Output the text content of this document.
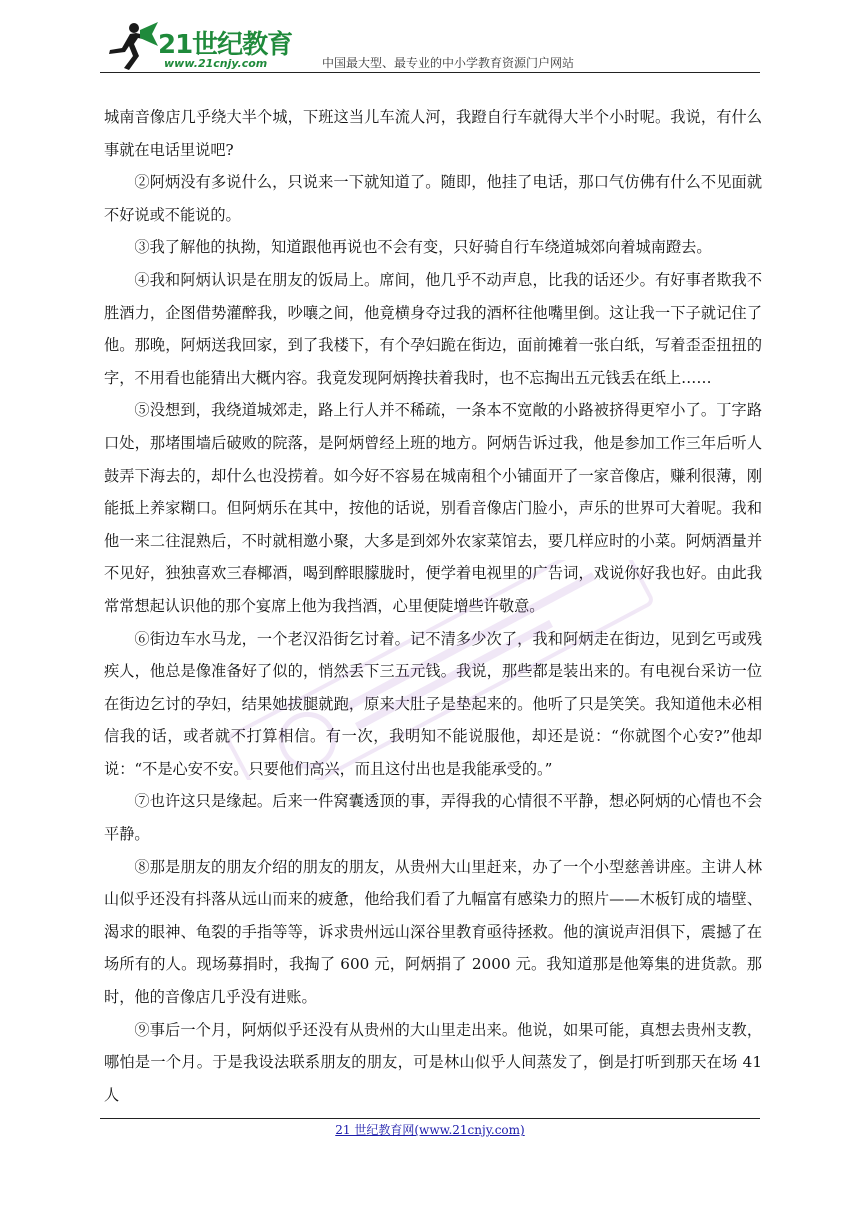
21世纪教育
www.21cnjy.com	中国最大型、最专业的中小学教育资源门户网站

城南音像店几乎绕大半个城，下班这当儿车流人河，我蹬自行车就得大半个小时呢。我说，有什么事就在电话里说吧?

②阿炳没有多说什么，只说来一下就知道了。随即，他挂了电话，那口气仿佛有什么不见面就不好说或不能说的。

③我了解他的执拗，知道跟他再说也不会有变，只好骑自行车绕道城郊向着城南蹬去。

④我和阿炳认识是在朋友的饭局上。席间，他几乎不动声息，比我的话还少。有好事者欺我不胜酒力，企图借势灌醉我，吵嚷之间，他竟横身夺过我的酒杯往他嘴里倒。这让我一下子就记住了他。那晚，阿炳送我回家，到了我楼下，有个孕妇跪在街边，面前摊着一张白纸，写着歪歪扭扭的字，不用看也能猜出大概内容。我竟发现阿炳搀扶着我时，也不忘掏出五元钱丢在纸上……

⑤没想到，我绕道城郊走，路上行人并不稀疏，一条本不宽敞的小路被挤得更窄小了。丁字路口处，那堵围墙后破败的院落，是阿炳曾经上班的地方。阿炳告诉过我，他是参加工作三年后听人鼓弄下海去的，却什么也没捞着。如今好不容易在城南租个小铺面开了一家音像店，赚利很薄，刚能抵上养家糊口。但阿炳乐在其中，按他的话说，别看音像店门脸小，声乐的世界可大着呢。我和他一来二往混熟后，不时就相邀小聚，大多是到郊外农家菜馆去，要几样应时的小菜。阿炳酒量并不见好，独独喜欢三春椰酒，喝到醉眼朦胧时，便学着电视里的广告词，戏说你好我也好。由此我常常想起认识他的那个宴席上他为我挡酒，心里便陡增些许敬意。

⑥街边车水马龙，一个老汉沿街乞讨着。记不清多少次了，我和阿炳走在街边，见到乞丐或残疾人，他总是像准备好了似的，悄然丢下三五元钱。我说，那些都是装出来的。有电视台采访一位在街边乞讨的孕妇，结果她拔腿就跑，原来大肚子是垫起来的。他听了只是笑笑。我知道他未必相信我的话，或者就不打算相信。有一次，我明知不能说服他，却还是说：“你就图个心安?”他却说：“不是心安不安。只要他们高兴，而且这付出也是我能承受的。”

⑦也许这只是缘起。后来一件窝囊透顶的事，弄得我的心情很不平静，想必阿炳的心情也不会平静。

⑧那是朋友的朋友介绍的朋友的朋友，从贵州大山里赶来，办了一个小型慈善讲座。主讲人林山似乎还没有抖落从远山而来的疲惫，他给我们看了九幅富有感染力的照片——木板钉成的墙壁、渴求的眼神、龟裂的手指等等，诉求贵州远山深谷里教育亟待拯救。他的演说声泪俱下，震撼了在场所有的人。现场募捐时，我掏了 600 元，阿炳捐了 2000 元。我知道那是他筹集的进货款。那时，他的音像店几乎没有进账。

⑨事后一个月，阿炳似乎还没有从贵州的大山里走出来。他说，如果可能，真想去贵州支教，哪怕是一个月。于是我设法联系朋友的朋友，可是林山似乎人间蒸发了，倒是打听到那天在场 41 人

21 世纪教育网(www.21cnjy.com)
